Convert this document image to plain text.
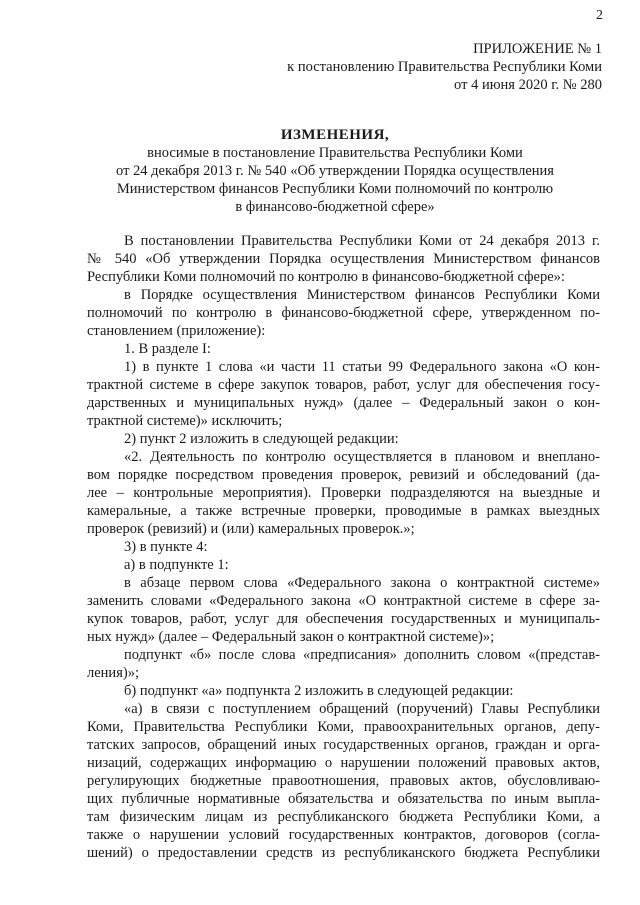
2
ПРИЛОЖЕНИЕ № 1
к постановлению Правительства Республики Коми
от 4 июня 2020 г. № 280
ИЗМЕНЕНИЯ,
вносимые в постановление Правительства Республики Коми
от 24 декабря 2013 г. № 540 «Об утверждении Порядка осуществления
Министерством финансов Республики Коми полномочий по контролю
в финансово-бюджетной сфере»
В постановлении Правительства Республики Коми от 24 декабря 2013 г.
№ 540 «Об утверждении Порядка осуществления Министерством финансов
Республики Коми полномочий по контролю в финансово-бюджетной сфере»:
в Порядке осуществления Министерством финансов Республики Коми
полномочий по контролю в финансово-бюджетной сфере, утвержденном по-
становлением (приложение):
1. В разделе I:
1) в пункте 1 слова «и части 11 статьи 99 Федерального закона «О кон-
трактной системе в сфере закупок товаров, работ, услуг для обеспечения госу-
дарственных и муниципальных нужд» (далее – Федеральный закон о кон-
трактной системе)» исключить;
2) пункт 2 изложить в следующей редакции:
«2. Деятельность по контролю осуществляется в плановом и внеплано-
вом порядке посредством проведения проверок, ревизий и обследований (да-
лее – контрольные мероприятия). Проверки подразделяются на выездные и
камеральные, а также встречные проверки, проводимые в рамках выездных
проверок (ревизий) и (или) камеральных проверок.»;
3) в пункте 4:
а) в подпункте 1:
в абзаце первом слова «Федерального закона о контрактной системе»
заменить словами «Федерального закона «О контрактной системе в сфере за-
купок товаров, работ, услуг для обеспечения государственных и муниципаль-
ных нужд» (далее – Федеральный закон о контрактной системе)»;
подпункт «б» после слова «предписания» дополнить словом «(представ-
ления)»;
б) подпункт «а» подпункта 2 изложить в следующей редакции:
«а) в связи с поступлением обращений (поручений) Главы Республики
Коми, Правительства Республики Коми, правоохранительных органов, депу-
татских запросов, обращений иных государственных органов, граждан и орга-
низаций, содержащих информацию о нарушении положений правовых актов,
регулирующих бюджетные правоотношения, правовых актов, обусловливаю-
щих публичные нормативные обязательства и обязательства по иным выпла-
там физическим лицам из республиканского бюджета Республики Коми, а
также о нарушении условий государственных контрактов, договоров (согла-
шений) о предоставлении средств из республиканского бюджета Республики
